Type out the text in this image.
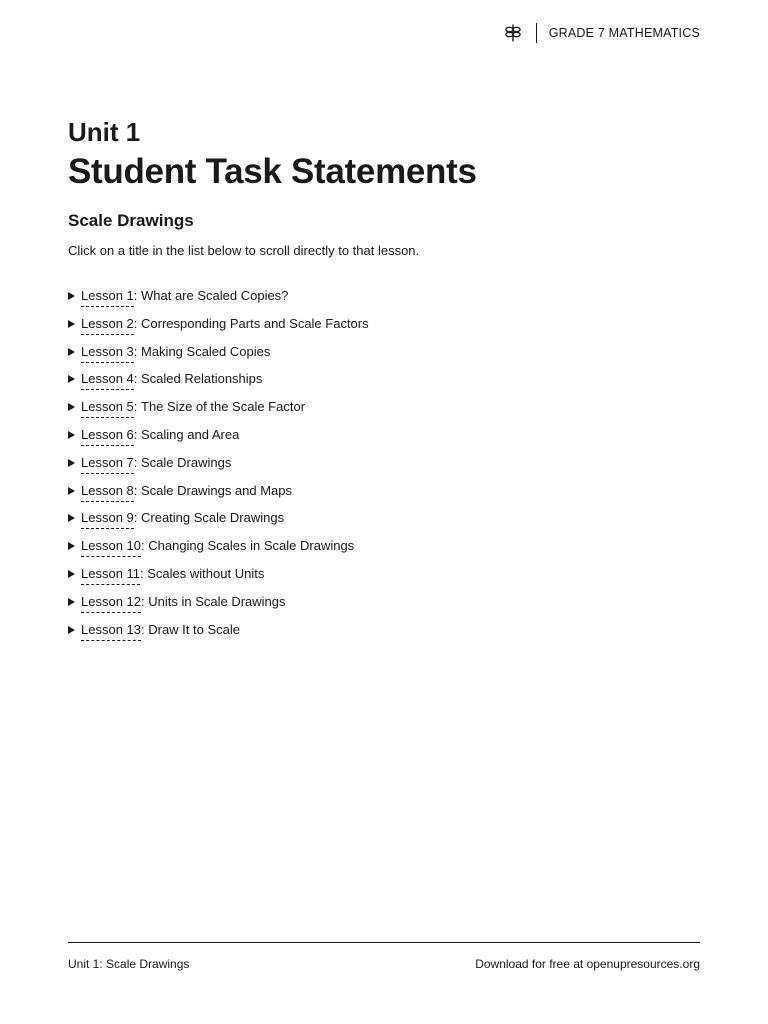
GRADE 7 MATHEMATICS
Unit 1
Student Task Statements
Scale Drawings

Click on a title in the list below to scroll directly to that lesson.

Lesson 1 : What are Scaled Copies?
Lesson 2 : Corresponding Parts and Scale Factors
Lesson 3 : Making Scaled Copies
Lesson 4 : Scaled Relationships
Lesson 5 : The Size of the Scale Factor
Lesson 6 : Scaling and Area
Lesson 7 : Scale Drawings
Lesson 8 : Scale Drawings and Maps
Lesson 9 : Creating Scale Drawings
Lesson 10 : Changing Scales in Scale Drawings
Lesson 11 : Scales without Units
Lesson 12 : Units in Scale Drawings
Lesson 13 : Draw It to Scale
Unit 1: Scale Drawings	Download for free at openupresources.org
